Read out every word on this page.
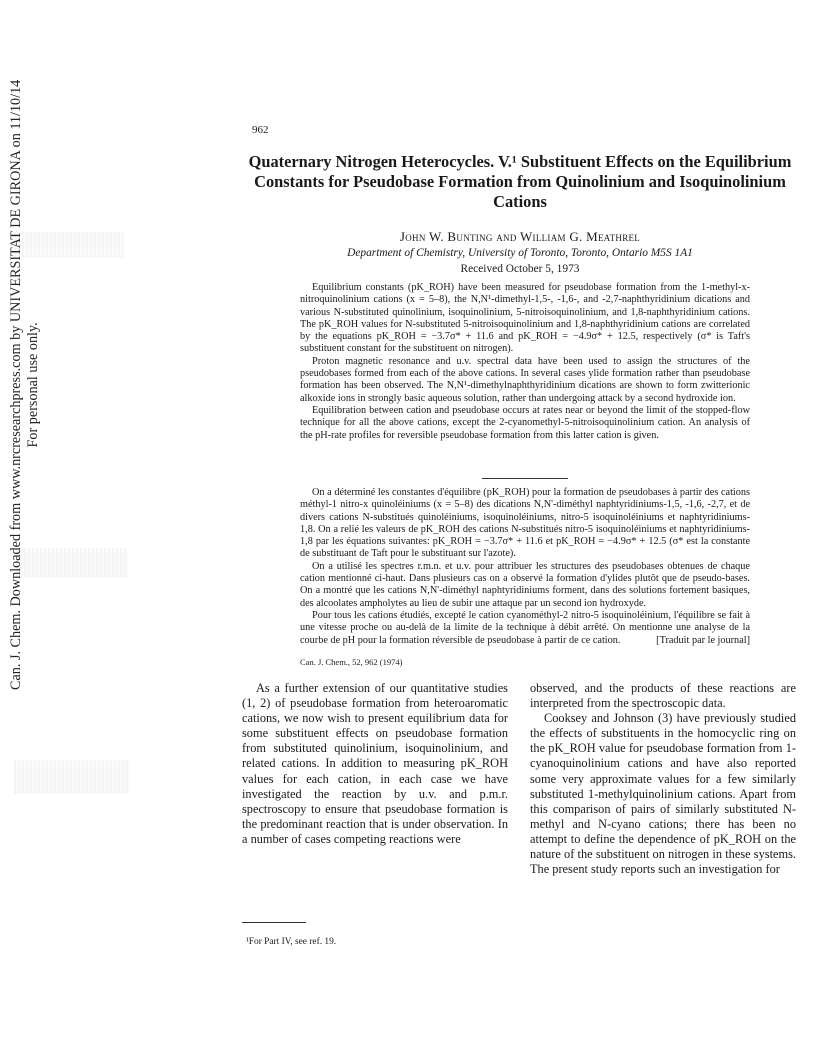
Can. J. Chem. Downloaded from www.nrcresearchpress.com by UNIVERSITAT DE GIRONA on 11/10/14 For personal use only.
962
Quaternary Nitrogen Heterocycles. V.¹ Substituent Effects on the Equilibrium Constants for Pseudobase Formation from Quinolinium and Isoquinolinium Cations
John W. Bunting and William G. Meathrel
Department of Chemistry, University of Toronto, Toronto, Ontario M5S 1A1
Received October 5, 1973

Equilibrium constants (pK_ROH) have been measured for pseudobase formation from the 1-methyl-x-nitroquinolinium cations (x = 5–8), the N,N¹-dimethyl-1,5-, -1,6-, and -2,7-naphthyridinium dications and various N-substituted quinolinium, isoquinolinium, 5-nitroisoquinolinium, and 1,8-naphthyridinium cations. The pK_ROH values for N-substituted 5-nitroisoquinolinium and 1,8-naphthyridinium cations are correlated by the equations pK_ROH = −3.7σ* + 11.6 and pK_ROH = −4.9σ* + 12.5, respectively (σ* is Taft's substituent constant for the substituent on nitrogen).

Proton magnetic resonance and u.v. spectral data have been used to assign the structures of the pseudobases formed from each of the above cations. In several cases ylide formation rather than pseudobase formation has been observed. The N,N¹-dimethylnaphthyridinium dications are shown to form zwitterionic alkoxide ions in strongly basic aqueous solution, rather than undergoing attack by a second hydroxide ion.

Equilibration between cation and pseudobase occurs at rates near or beyond the limit of the stopped-flow technique for all the above cations, except the 2-cyanomethyl-5-nitroisoquinolinium cation. An analysis of the pH-rate profiles for reversible pseudobase formation from this latter cation is given.

On a déterminé les constantes d'équilibre (pK_ROH) pour la formation de pseudobases à partir des cations méthyl-1 nitro-x quinoléiniums (x = 5–8) des dications N,N'-diméthyl naphtyridiniums-1,5, -1,6, -2,7, et de divers cations N-substitués quinoléiniums, isoquinoléiniums, nitro-5 isoquinoléiniums et naphtyridiniums-1,8. On a relié les valeurs de pK_ROH des cations N-substitués nitro-5 isoquinoléiniums et naphtyridiniums-1,8 par les équations suivantes: pK_ROH = −3.7σ* + 11.6 et pK_ROH = −4.9σ* + 12.5 (σ* est la constante de substituant de Taft pour le substituant sur l'azote).

On a utilisé les spectres r.m.n. et u.v. pour attribuer les structures des pseudobases obtenues de chaque cation mentionné ci-haut. Dans plusieurs cas on a observé la formation d'ylides plutôt que de pseudo-bases. On a montré que les cations N,N'-diméthyl naphtyridiniums forment, dans des solutions fortement basiques, des alcoolates ampholytes au lieu de subir une attaque par un second ion hydroxyde.

Pour tous les cations étudiés, excepté le cation cyanométhyl-2 nitro-5 isoquinoléinium, l'équilibre se fait à une vitesse proche ou au-delà de la limite de la technique à débit arrêté. On mentionne une analyse de la courbe de pH pour la formation réversible de pseudobase à partir de ce cation.	[Traduit par le journal]
Can. J. Chem., 52, 962 (1974)

As a further extension of our quantitative studies (1, 2) of pseudobase formation from heteroaromatic cations, we now wish to present equilibrium data for some substituent effects on pseudobase formation from substituted quinolinium, isoquinolinium, and related cations. In addition to measuring pK_ROH values for each cation, in each case we have investigated the reaction by u.v. and p.m.r. spectroscopy to ensure that pseudobase formation is the predominant reaction that is under observation. In a number of cases competing reactions were

observed, and the products of these reactions are interpreted from the spectroscopic data.

Cooksey and Johnson (3) have previously studied the effects of substituents in the homocyclic ring on the pK_ROH value for pseudobase formation from 1-cyanoquinolinium cations and have also reported some very approximate values for a few similarly substituted 1-methylquinolinium cations. Apart from this comparison of pairs of similarly substituted N-methyl and N-cyano cations; there has been no attempt to define the dependence of pK_ROH on the nature of the substituent on nitrogen in these systems. The present study reports such an investigation for

¹For Part IV, see ref. 19.
